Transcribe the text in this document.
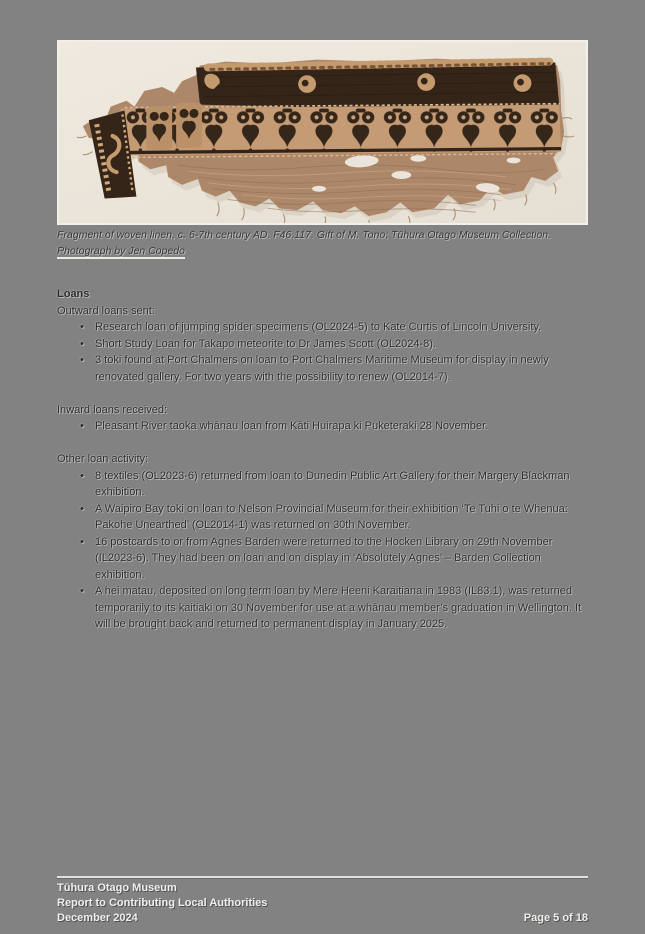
Fragment of woven linen, c. 6-7th century AD. F46.117. Gift of M. Tono; Tūhura Otago Museum Collection.
Photograph by Jen Copedo
Loans

Outward loans sent:

• Research loan of jumping spider specimens (OL2024-5) to Kate Curtis of Lincoln University.
• Short Study Loan for Takapo meteorite to Dr James Scott (OL2024-8).
• 3 toki found at Port Chalmers on loan to Port Chalmers Maritime Museum for display in newly renovated gallery. For two years with the possibility to renew (OL2014-7).

Inward loans received:

• Pleasant River taoka whānau loan from Kāti Huirapa ki Puketeraki 28 November.

Other loan activity:

• 8 textiles (OL2023-6) returned from loan to Dunedin Public Art Gallery for their Margery Blackman exhibition.
• A Waipiro Bay toki on loan to Nelson Provincial Museum for their exhibition ‘Te Tuhi o te Whenua: Pakohe Unearthed’ (OL2014-1) was returned on 30th November.
• 16 postcards to or from Agnes Barden were returned to the Hocken Library on 29th November (IL2023-6). They had been on loan and on display in ‘Absolutely Agnes’ – Barden Collection exhibition.
• A hei matau, deposited on long term loan by Mere Heeni Karaitiana in 1983 (IL83.1), was returned temporarily to its kaitiaki on 30 November for use at a whānau member’s graduation in Wellington. It will be brought back and returned to permanent display in January 2025.
Tūhura Otago Museum
Report to Contributing Local Authorities
December 2024	Page 5 of 18
